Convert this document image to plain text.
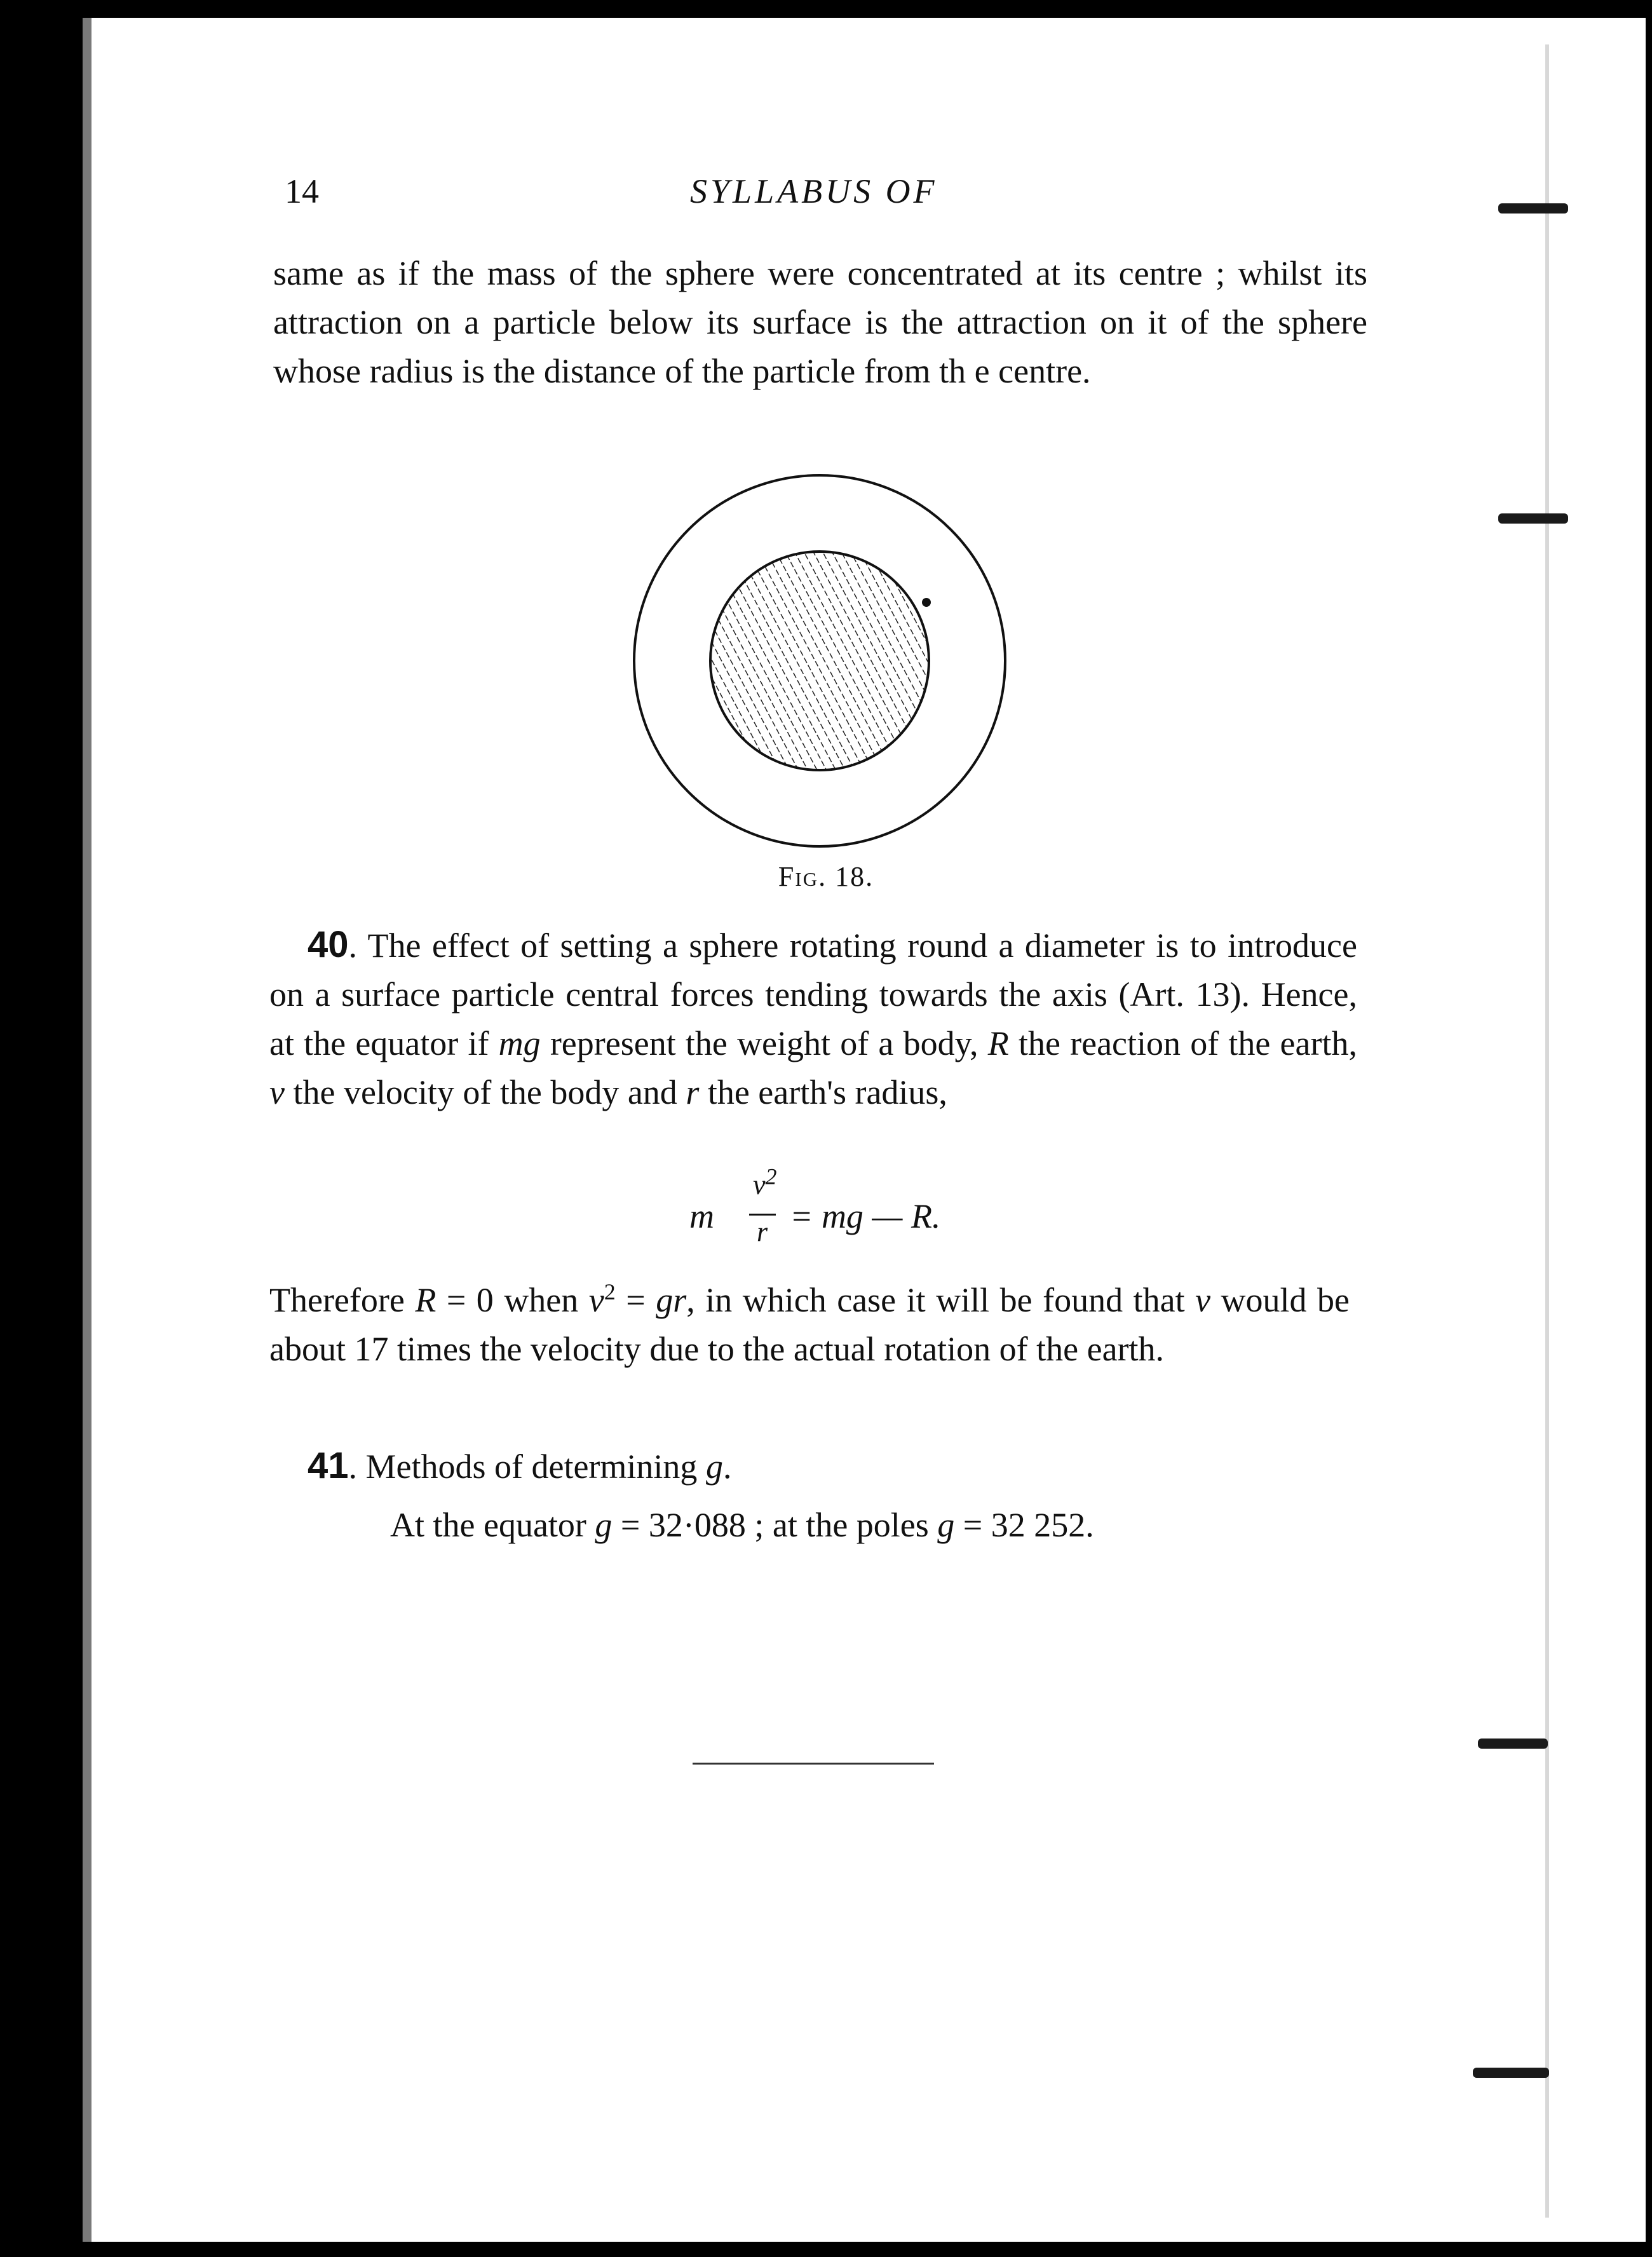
14	SYLLABUS OF

same as if the mass of the sphere were concentrated at its centre ; whilst its attraction on a particle below its surface is the attraction on it of the sphere whose radius is the distance of the particle from th e centre.

Fig. 18.

40. The effect of setting a sphere rotating round a diameter is to introduce on a surface particle central forces tending towards the axis (Art. 13). Hence, at the equator if mg represent the weight of a body, R the reaction of the earth, v the velocity of the body and r the earth's radius,

m
$v^2$
r = mg — R.

Therefore R = 0 when $v^2$ = gr, in which case it will be found that v would be about 17 times the velocity due to the actual rotation of the earth.

41. Methods of determining g.

At the equator g = 32·088 ; at the poles g = 32 252.
